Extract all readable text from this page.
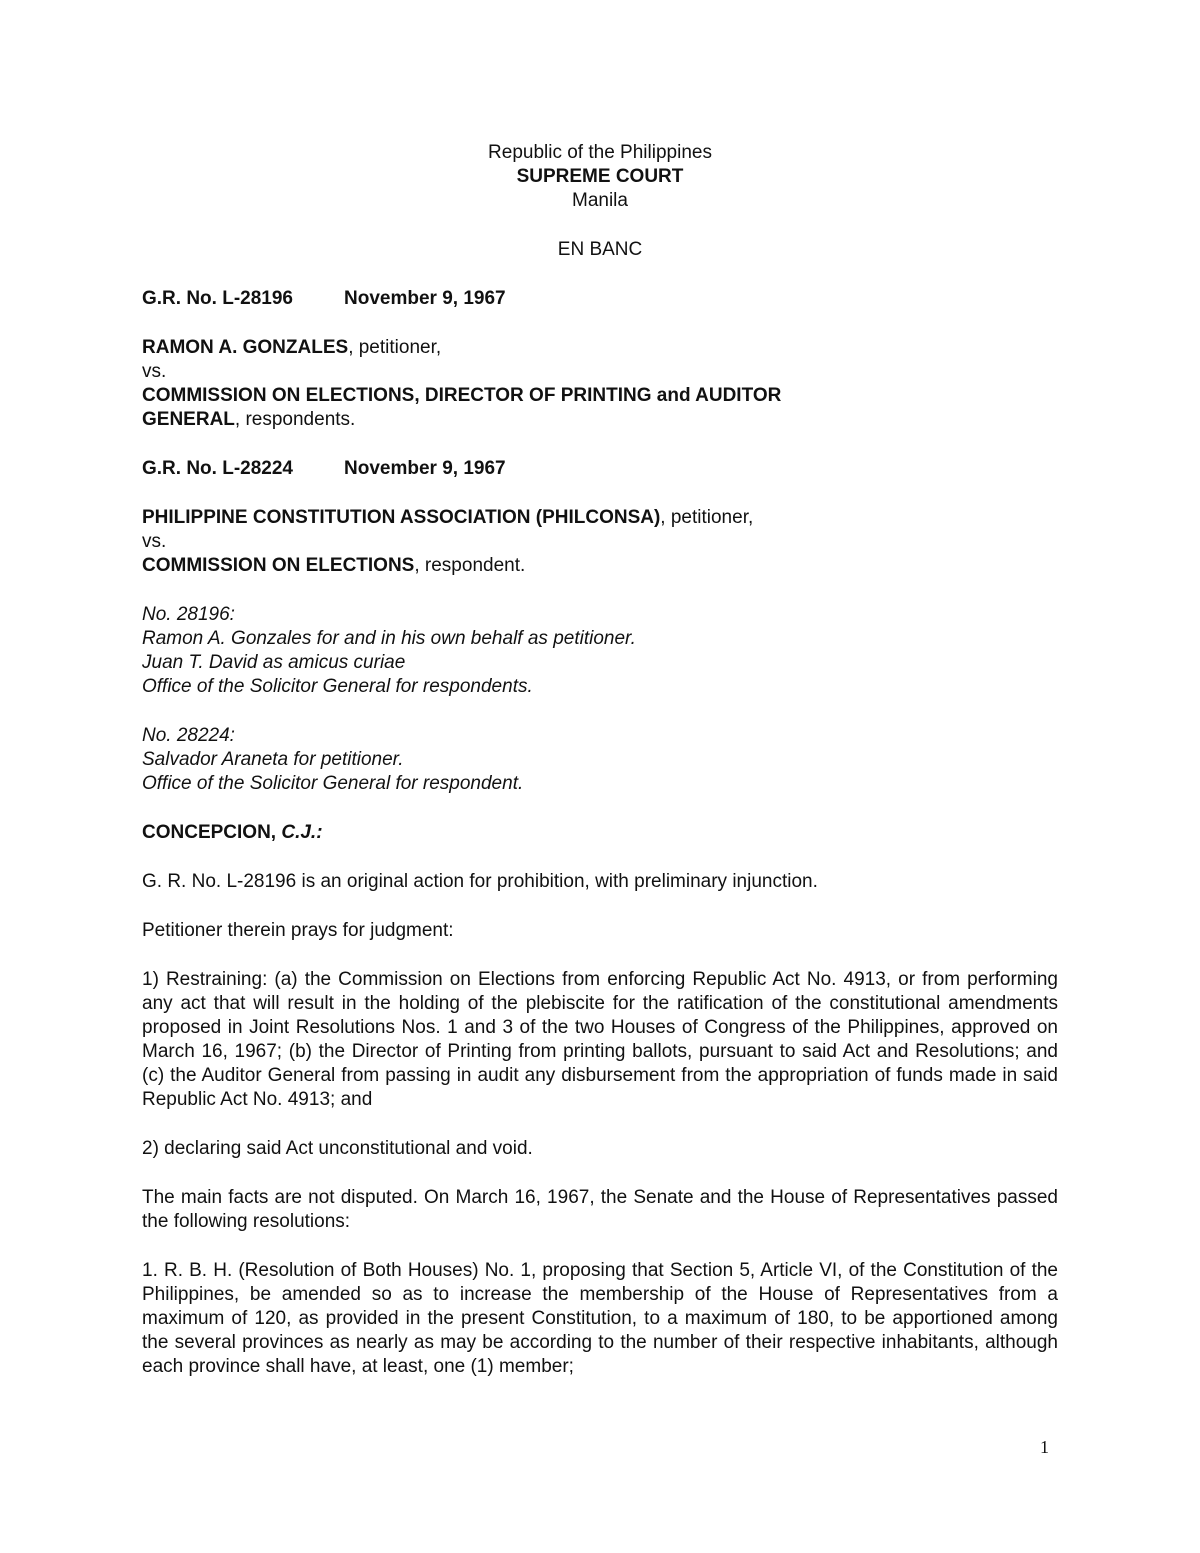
Republic of the Philippines

SUPREME COURT

Manila

EN BANC

G.R. No. L-28196	November 9, 1967

RAMON A. GONZALES, petitioner,

vs.

COMMISSION ON ELECTIONS, DIRECTOR OF PRINTING and AUDITOR

GENERAL, respondents.

G.R. No. L-28224	November 9, 1967

PHILIPPINE CONSTITUTION ASSOCIATION (PHILCONSA), petitioner,

vs.

COMMISSION ON ELECTIONS, respondent.

No. 28196:

Ramon A. Gonzales for and in his own behalf as petitioner.

Juan T. David as amicus curiae

Office of the Solicitor General for respondents.

No. 28224:

Salvador Araneta for petitioner.

Office of the Solicitor General for respondent.

CONCEPCION, C.J.:

G. R. No. L-28196 is an original action for prohibition, with preliminary injunction.

Petitioner therein prays for judgment:

1) Restraining: (a) the Commission on Elections from enforcing Republic Act No. 4913, or from performing any act that will result in the holding of the plebiscite for the ratification of the constitutional amendments proposed in Joint Resolutions Nos. 1 and 3 of the two Houses of Congress of the Philippines, approved on March 16, 1967; (b) the Director of Printing from printing ballots, pursuant to said Act and Resolutions; and (c) the Auditor General from passing in audit any disbursement from the appropriation of funds made in said Republic Act No. 4913; and

2) declaring said Act unconstitutional and void.

The main facts are not disputed. On March 16, 1967, the Senate and the House of Representatives passed the following resolutions:

1. R. B. H. (Resolution of Both Houses) No. 1, proposing that Section 5, Article VI, of the Constitution of the Philippines, be amended so as to increase the membership of the House of Representatives from a maximum of 120, as provided in the present Constitution, to a maximum of 180, to be apportioned among the several provinces as nearly as may be according to the number of their respective inhabitants, although each province shall have, at least, one (1) member;

1
